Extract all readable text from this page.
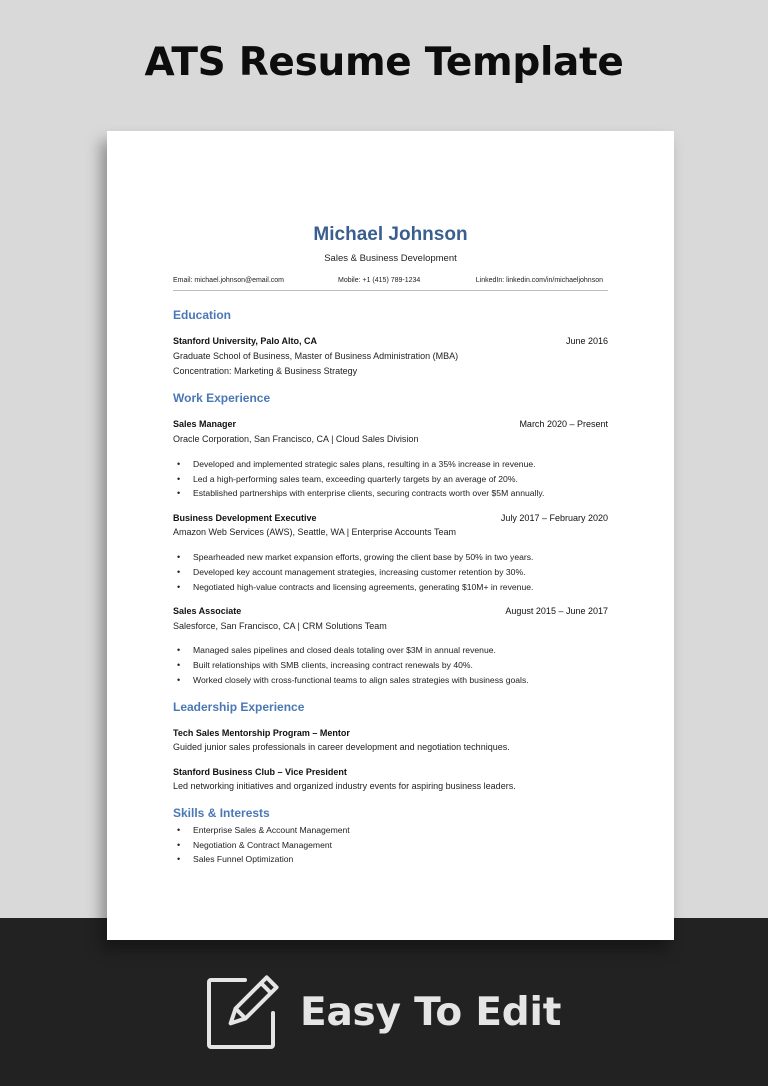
ATS Resume Template
Easy To Edit
Michael Johnson
Sales & Business Development
Email: michael.johnson@email.com	Mobile: +1 (415) 789-1234	LinkedIn: linkedin.com/in/michaeljohnson
Education
Stanford University, Palo Alto, CA	June 2016
Graduate School of Business, Master of Business Administration (MBA)
Concentration: Marketing & Business Strategy
Work Experience
Sales Manager	March 2020 – Present
Oracle Corporation, San Francisco, CA | Cloud Sales Division
• Developed and implemented strategic sales plans, resulting in a 35% increase in revenue.
• Led a high-performing sales team, exceeding quarterly targets by an average of 20%.
• Established partnerships with enterprise clients, securing contracts worth over $5M annually.
Business Development Executive	July 2017 – February 2020
Amazon Web Services (AWS), Seattle, WA | Enterprise Accounts Team
• Spearheaded new market expansion efforts, growing the client base by 50% in two years.
• Developed key account management strategies, increasing customer retention by 30%.
• Negotiated high-value contracts and licensing agreements, generating $10M+ in revenue.
Sales Associate	August 2015 – June 2017
Salesforce, San Francisco, CA | CRM Solutions Team
• Managed sales pipelines and closed deals totaling over $3M in annual revenue.
• Built relationships with SMB clients, increasing contract renewals by 40%.
• Worked closely with cross-functional teams to align sales strategies with business goals.
Leadership Experience
Tech Sales Mentorship Program – Mentor
Guided junior sales professionals in career development and negotiation techniques.
Stanford Business Club – Vice President
Led networking initiatives and organized industry events for aspiring business leaders.
Skills & Interests
• Enterprise Sales & Account Management
• Negotiation & Contract Management
• Sales Funnel Optimization
